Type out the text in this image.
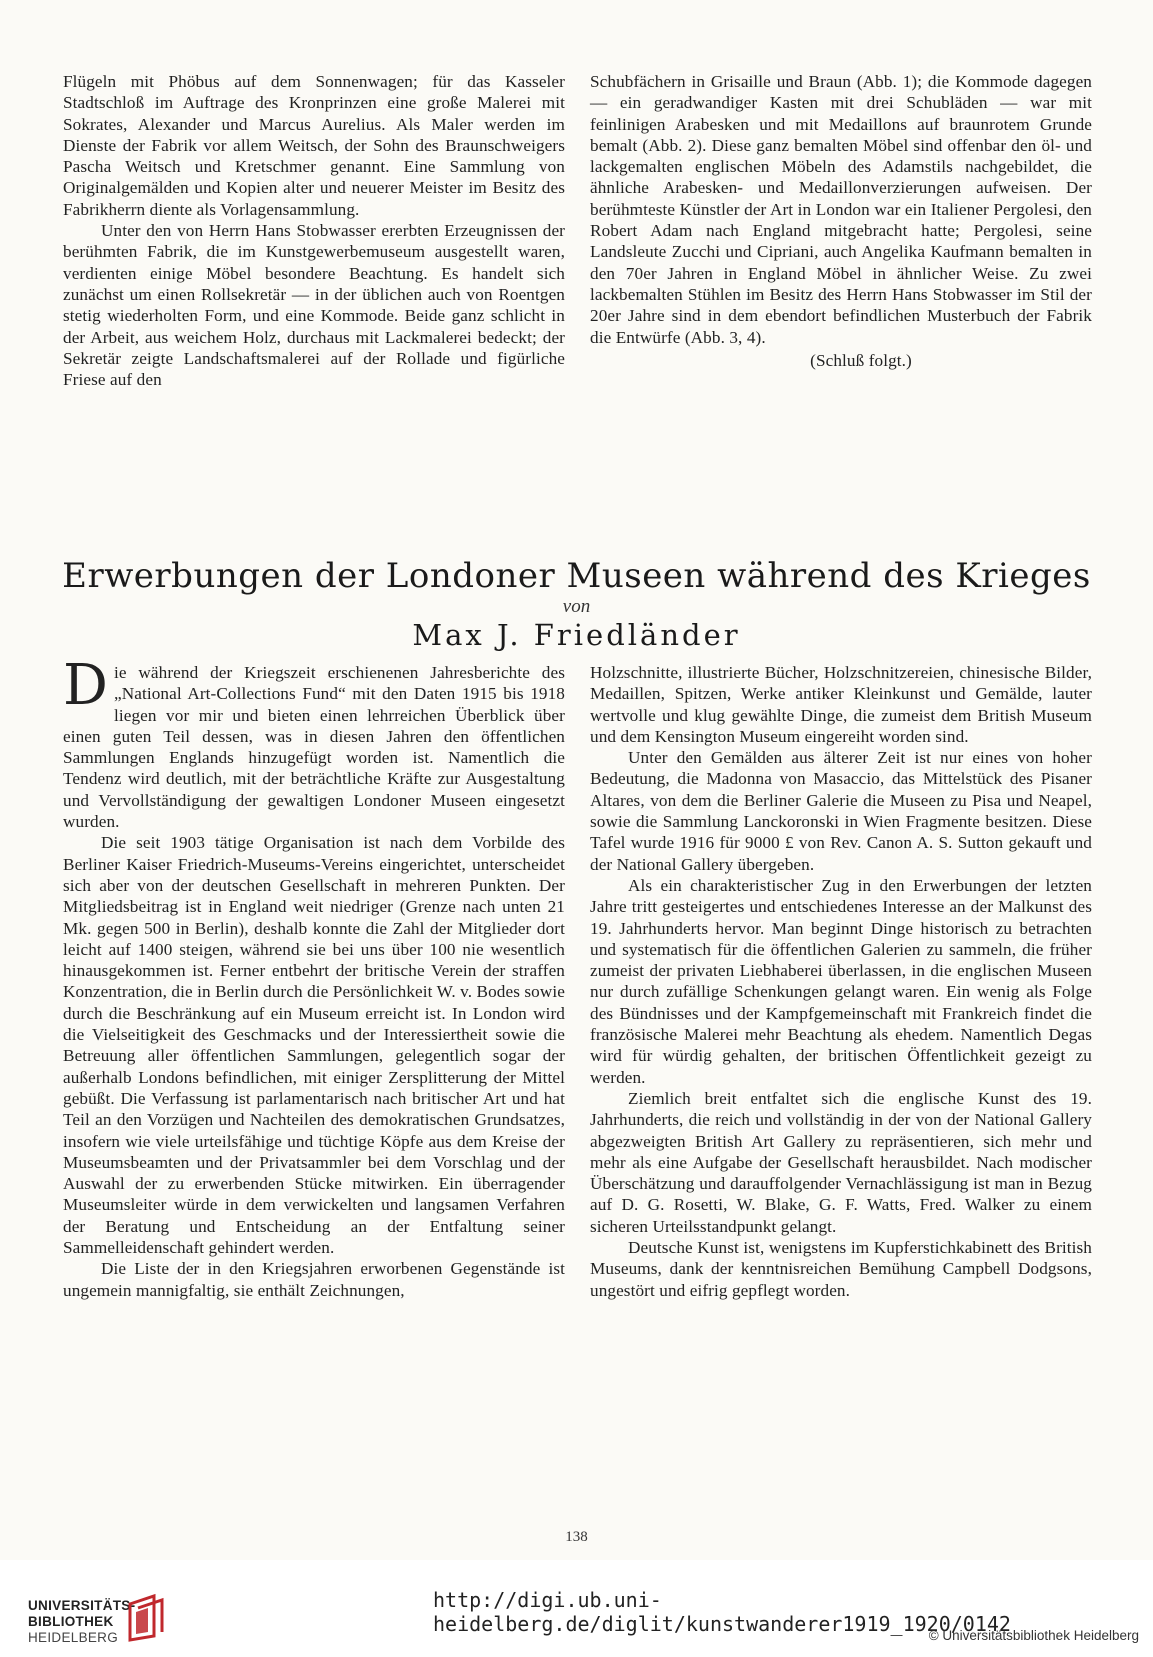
Flügeln mit Phöbus auf dem Sonnenwagen; für das Kasseler Stadtschloß im Auftrage des Kronprinzen eine große Malerei mit Sokrates, Alexander und Marcus Aurelius. Als Maler werden im Dienste der Fabrik vor allem Weitsch, der Sohn des Braunschweigers Pascha Weitsch und Kretschmer genannt. Eine Sammlung von Originalgemälden und Kopien alter und neuerer Meister im Besitz des Fabrikherrn diente als Vorlagensammlung.

Unter den von Herrn Hans Stobwasser ererbten Erzeugnissen der berühmten Fabrik, die im Kunstgewerbemuseum ausgestellt waren, verdienten einige Möbel besondere Beachtung. Es handelt sich zunächst um einen Rollsekretär — in der üblichen auch von Roentgen stetig wiederholten Form, und eine Kommode. Beide ganz schlicht in der Arbeit, aus weichem Holz, durchaus mit Lackmalerei bedeckt; der Sekretär zeigte Landschaftsmalerei auf der Rollade und figürliche Friese auf den

Schubfächern in Grisaille und Braun (Abb. 1); die Kommode dagegen — ein geradwandiger Kasten mit drei Schubläden — war mit feinlinigen Arabesken und mit Medaillons auf braunrotem Grunde bemalt (Abb. 2). Diese ganz bemalten Möbel sind offenbar den öl- und lackgemalten englischen Möbeln des Adamstils nachgebildet, die ähnliche Arabesken- und Medaillonverzierungen aufweisen. Der berühmteste Künstler der Art in London war ein Italiener Pergolesi, den Robert Adam nach England mitgebracht hatte; Pergolesi, seine Landsleute Zucchi und Cipriani, auch Angelika Kaufmann bemalten in den 70er Jahren in England Möbel in ähnlicher Weise. Zu zwei lackbemalten Stühlen im Besitz des Herrn Hans Stobwasser im Stil der 20er Jahre sind in dem ebendort befindlichen Musterbuch der Fabrik die Entwürfe (Abb. 3, 4).

(Schluß folgt.)

Erwerbungen der Londoner Museen während des Krieges
von
Max J. Friedländer

Die während der Kriegszeit erschienenen Jahresberichte des „National Art-Collections Fund“ mit den Daten 1915 bis 1918 liegen vor mir und bieten einen lehrreichen Überblick über einen guten Teil dessen, was in diesen Jahren den öffentlichen Sammlungen Englands hinzugefügt worden ist. Namentlich die Tendenz wird deutlich, mit der beträchtliche Kräfte zur Ausgestaltung und Vervollständigung der gewaltigen Londoner Museen eingesetzt wurden.

Die seit 1903 tätige Organisation ist nach dem Vorbilde des Berliner Kaiser Friedrich-Museums-Vereins eingerichtet, unterscheidet sich aber von der deutschen Gesellschaft in mehreren Punkten. Der Mitgliedsbeitrag ist in England weit niedriger (Grenze nach unten 21 Mk. gegen 500 in Berlin), deshalb konnte die Zahl der Mitglieder dort leicht auf 1400 steigen, während sie bei uns über 100 nie wesentlich hinausgekommen ist. Ferner entbehrt der britische Verein der straffen Konzentration, die in Berlin durch die Persönlichkeit W. v. Bodes sowie durch die Beschränkung auf ein Museum erreicht ist. In London wird die Vielseitigkeit des Geschmacks und der Interessiertheit sowie die Betreuung aller öffentlichen Sammlungen, gelegentlich sogar der außerhalb Londons befindlichen, mit einiger Zersplitterung der Mittel gebüßt. Die Verfassung ist parlamentarisch nach britischer Art und hat Teil an den Vorzügen und Nachteilen des demokratischen Grundsatzes, insofern wie viele urteilsfähige und tüchtige Köpfe aus dem Kreise der Museumsbeamten und der Privatsammler bei dem Vorschlag und der Auswahl der zu erwerbenden Stücke mitwirken. Ein überragender Museumsleiter würde in dem verwickelten und langsamen Verfahren der Beratung und Entscheidung an der Entfaltung seiner Sammelleidenschaft gehindert werden.

Die Liste der in den Kriegsjahren erworbenen Gegenstände ist ungemein mannigfaltig, sie enthält Zeichnungen,

Holzschnitte, illustrierte Bücher, Holzschnitzereien, chinesische Bilder, Medaillen, Spitzen, Werke antiker Kleinkunst und Gemälde, lauter wertvolle und klug gewählte Dinge, die zumeist dem British Museum und dem Kensington Museum eingereiht worden sind.

Unter den Gemälden aus älterer Zeit ist nur eines von hoher Bedeutung, die Madonna von Masaccio, das Mittelstück des Pisaner Altares, von dem die Berliner Galerie die Museen zu Pisa und Neapel, sowie die Sammlung Lanckoronski in Wien Fragmente besitzen. Diese Tafel wurde 1916 für 9000 £ von Rev. Canon A. S. Sutton gekauft und der National Gallery übergeben.

Als ein charakteristischer Zug in den Erwerbungen der letzten Jahre tritt gesteigertes und entschiedenes Interesse an der Malkunst des 19. Jahrhunderts hervor. Man beginnt Dinge historisch zu betrachten und systematisch für die öffentlichen Galerien zu sammeln, die früher zumeist der privaten Liebhaberei überlassen, in die englischen Museen nur durch zufällige Schenkungen gelangt waren. Ein wenig als Folge des Bündnisses und der Kampfgemeinschaft mit Frankreich findet die französische Malerei mehr Beachtung als ehedem. Namentlich Degas wird für würdig gehalten, der britischen Öffentlichkeit gezeigt zu werden.

Ziemlich breit entfaltet sich die englische Kunst des 19. Jahrhunderts, die reich und vollständig in der von der National Gallery abgezweigten British Art Gallery zu repräsentieren, sich mehr und mehr als eine Aufgabe der Gesellschaft herausbildet. Nach modischer Überschätzung und darauffolgender Vernachlässigung ist man in Bezug auf D. G. Rosetti, W. Blake, G. F. Watts, Fred. Walker zu einem sicheren Urteilsstandpunkt gelangt.

Deutsche Kunst ist, wenigstens im Kupferstichkabinett des British Museums, dank der kenntnisreichen Bemühung Campbell Dodgsons, ungestört und eifrig gepflegt worden.

138
UNIVERSITÄTS-
BIBLIOTHEK
HEIDELBERG
http://digi.ub.uni-heidelberg.de/diglit/kunstwanderer1919_1920/0142
© Universitätsbibliothek Heidelberg
